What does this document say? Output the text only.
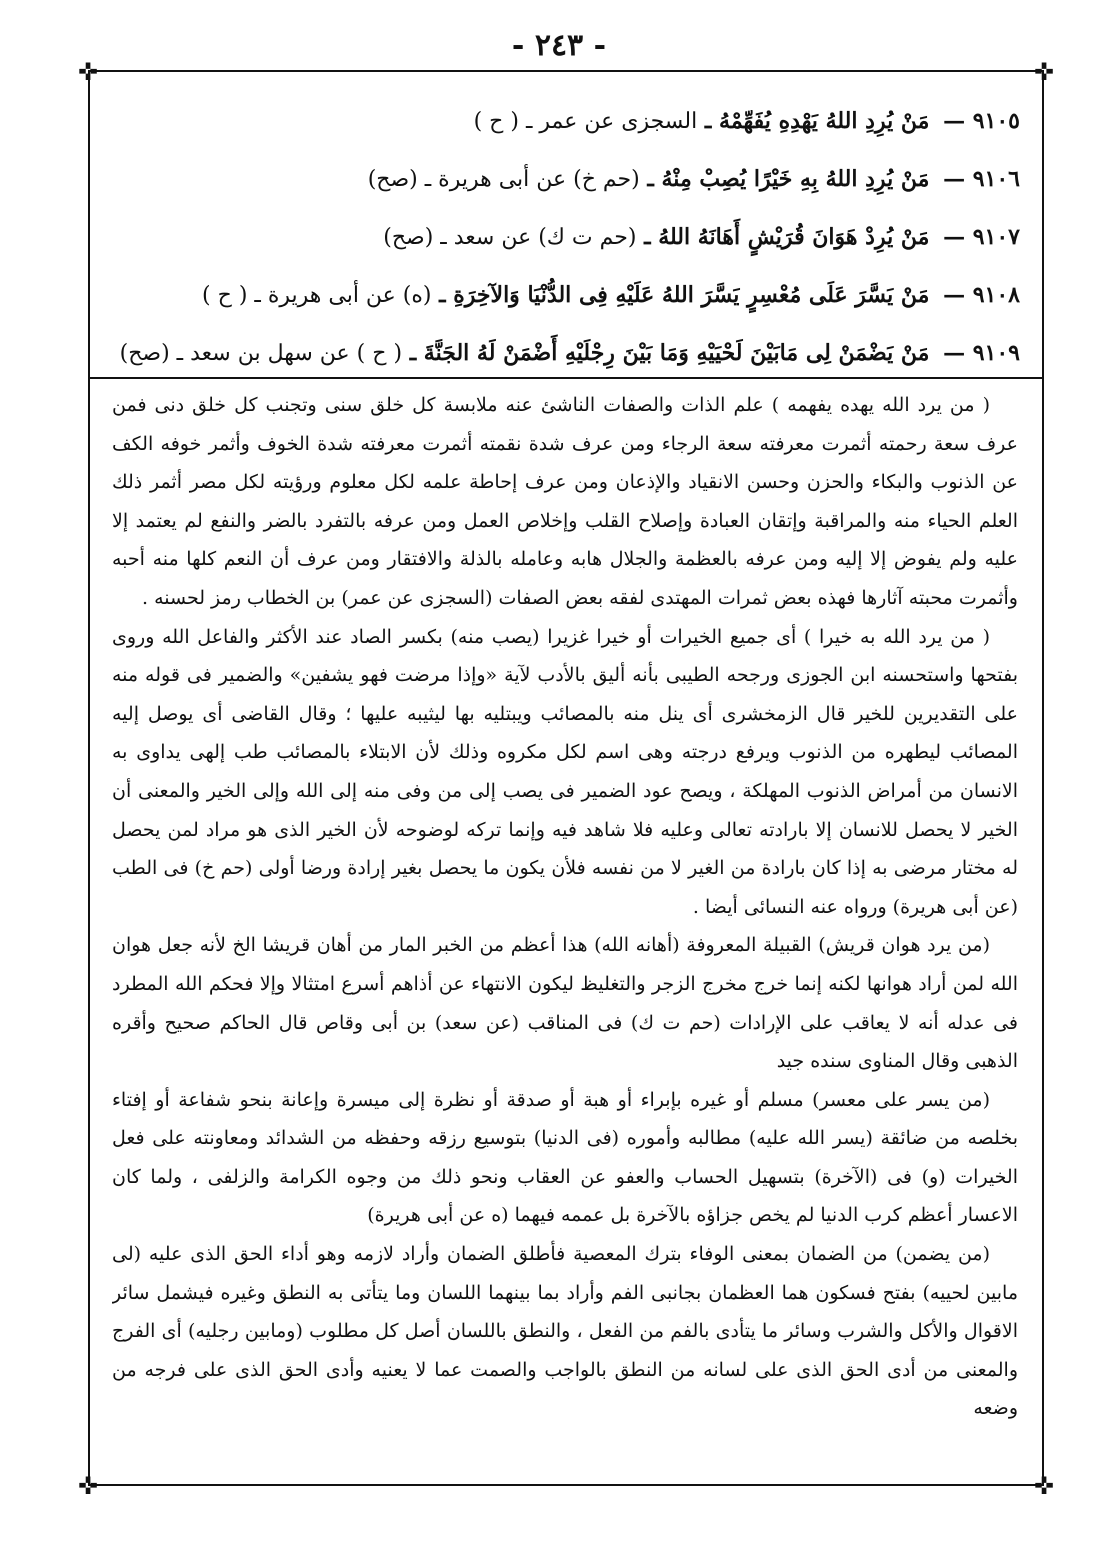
- ٢٤٣ -
✜	✜
✜	✜
٩١٠٥ — مَنْ يُرِدِ اللهُ يَهْدِهِ يُفَهِّمْهُ ـ السجزى عن عمر ـ ( ح )
٩١٠٦ — مَنْ يُرِدِ اللهُ بِهِ خَيْرًا يُصِبْ مِنْهُ ـ (حم خ) عن أبى هريرة ـ (صح)
٩١٠٧ — مَنْ يُرِدْ هَوَانَ قُرَيْشٍ أَهَانَهُ اللهُ ـ (حم ت ك) عن سعد ـ (صح)
٩١٠٨ — مَنْ يَسَّرَ عَلَى مُعْسِرٍ يَسَّرَ اللهُ عَلَيْهِ فِى الدُّنْيَا وَالآخِرَةِ ـ (ه) عن أبى هريرة ـ ( ح )
٩١٠٩ — مَنْ يَضْمَنْ لِى مَابَيْنَ لَحْيَيْهِ وَمَا بَيْنَ رِجْلَيْهِ أَضْمَنْ لَهُ الجَنَّةَ ـ ( ح ) عن سهل بن سعد ـ (صح)

( من يرد الله يهده يفهمه ) علم الذات والصفات الناشئ عنه ملابسة كل خلق سنى وتجنب كل خلق دنى فمن عرف سعة رحمته أثمرت معرفته سعة الرجاء ومن عرف شدة نقمته أثمرت معرفته شدة الخوف وأثمر خوفه الكف عن الذنوب والبكاء والحزن وحسن الانقياد والإذعان ومن عرف إحاطة علمه لكل معلوم ورؤيته لكل مصر أثمر ذلك العلم الحياء منه والمراقبة وإتقان العبادة وإصلاح القلب وإخلاص العمل ومن عرفه بالتفرد بالضر والنفع لم يعتمد إلا عليه ولم يفوض إلا إليه ومن عرفه بالعظمة والجلال هابه وعامله بالذلة والافتقار ومن عرف أن النعم كلها منه أحبه وأثمرت محبته آثارها فهذه بعض ثمرات المهتدى لفقه بعض الصفات (السجزى عن عمر) بن الخطاب رمز لحسنه .

( من يرد الله به خيرا ) أى جميع الخيرات أو خيرا غزيرا (يصب منه) بكسر الصاد عند الأكثر والفاعل الله وروى بفتحها واستحسنه ابن الجوزى ورجحه الطيبى بأنه أليق بالأدب لآية «وإذا مرضت فهو يشفين» والضمير فى قوله منه على التقديرين للخير قال الزمخشرى أى ينل منه بالمصائب ويبتليه بها ليثيبه عليها ؛ وقال القاضى أى يوصل إليه المصائب ليطهره من الذنوب ويرفع درجته وهى اسم لكل مكروه وذلك لأن الابتلاء بالمصائب طب إلهى يداوى به الانسان من أمراض الذنوب المهلكة ، ويصح عود الضمير فى يصب إلى من وفى منه إلى الله وإلى الخير والمعنى أن الخير لا يحصل للانسان إلا بارادته تعالى وعليه فلا شاهد فيه وإنما تركه لوضوحه لأن الخير الذى هو مراد لمن يحصل له مختار مرضى به إذا كان بارادة من الغير لا من نفسه فلأن يكون ما يحصل بغير إرادة ورضا أولى (حم خ) فى الطب (عن أبى هريرة) ورواه عنه النسائى أيضا .

(من يرد هوان قريش) القبيلة المعروفة (أهانه الله) هذا أعظم من الخبر المار من أهان قريشا الخ لأنه جعل هوان الله لمن أراد هوانها لكنه إنما خرج مخرج الزجر والتغليظ ليكون الانتهاء عن أذاهم أسرع امتثالا وإلا فحكم الله المطرد فى عدله أنه لا يعاقب على الإرادات (حم ت ك) فى المناقب (عن سعد) بن أبى وقاص قال الحاكم صحيح وأقره الذهبى وقال المناوى سنده جيد

(من يسر على معسر) مسلم أو غيره بإبراء أو هبة أو صدقة أو نظرة إلى ميسرة وإعانة بنحو شفاعة أو إفتاء بخلصه من ضائقة (يسر الله عليه) مطالبه وأموره (فى الدنيا) بتوسيع رزقه وحفظه من الشدائد ومعاونته على فعل الخيرات (و) فى (الآخرة) بتسهيل الحساب والعفو عن العقاب ونحو ذلك من وجوه الكرامة والزلفى ، ولما كان الاعسار أعظم كرب الدنيا لم يخص جزاؤه بالآخرة بل عممه فيهما (ه عن أبى هريرة)

(من يضمن) من الضمان بمعنى الوفاء بترك المعصية فأطلق الضمان وأراد لازمه وهو أداء الحق الذى عليه (لى مابين لحييه) بفتح فسكون هما العظمان بجانبى الفم وأراد بما بينهما اللسان وما يتأتى به النطق وغيره فيشمل سائر الاقوال والأكل والشرب وسائر ما يتأدى بالفم من الفعل ، والنطق باللسان أصل كل مطلوب (ومابين رجليه) أى الفرج والمعنى من أدى الحق الذى على لسانه من النطق بالواجب والصمت عما لا يعنيه وأدى الحق الذى على فرجه من وضعه
